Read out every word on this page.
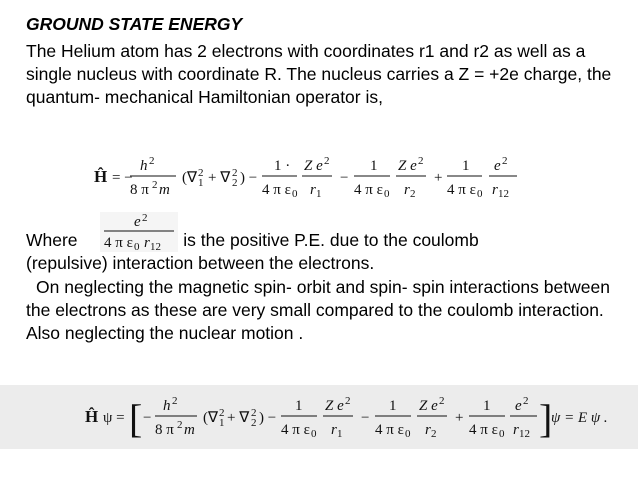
GROUND STATE ENERGY
The Helium atom has 2 electrons with coordinates r1 and r2 as well as a single nucleus with coordinate R. The nucleus carries a Z = +2e charge, the quantum- mechanical Hamiltonian operator is,
Ĥ = −
h 2
8 π 2 m
(∇ 1
2 + ∇ 2
2 ) −
1 ·
4 π ε 0
Z e 2
r 1
−
1
4 π ε 0
Z e 2
r 2
+
1
4 π ε 0
e 2
r 12
Where	is the positive P.E. due to the coulomb
e 2
4 π ε 0 r 12
(repulsive) interaction between the electrons.
On neglecting the magnetic spin- orbit and spin- spin interactions between the electrons as these are very small compared to the coulomb interaction. Also neglecting the nuclear motion .
Ĥ ψ = [ −
h 2
8 π 2 m
(∇ 1
2 + ∇ 2
2 ) −
1
4 π ε 0
Z e 2
r 1
−
1
4 π ε 0
Z e 2
r 2
+
1
4 π ε 0
e 2
r 12 ]
ψ = E ψ .
